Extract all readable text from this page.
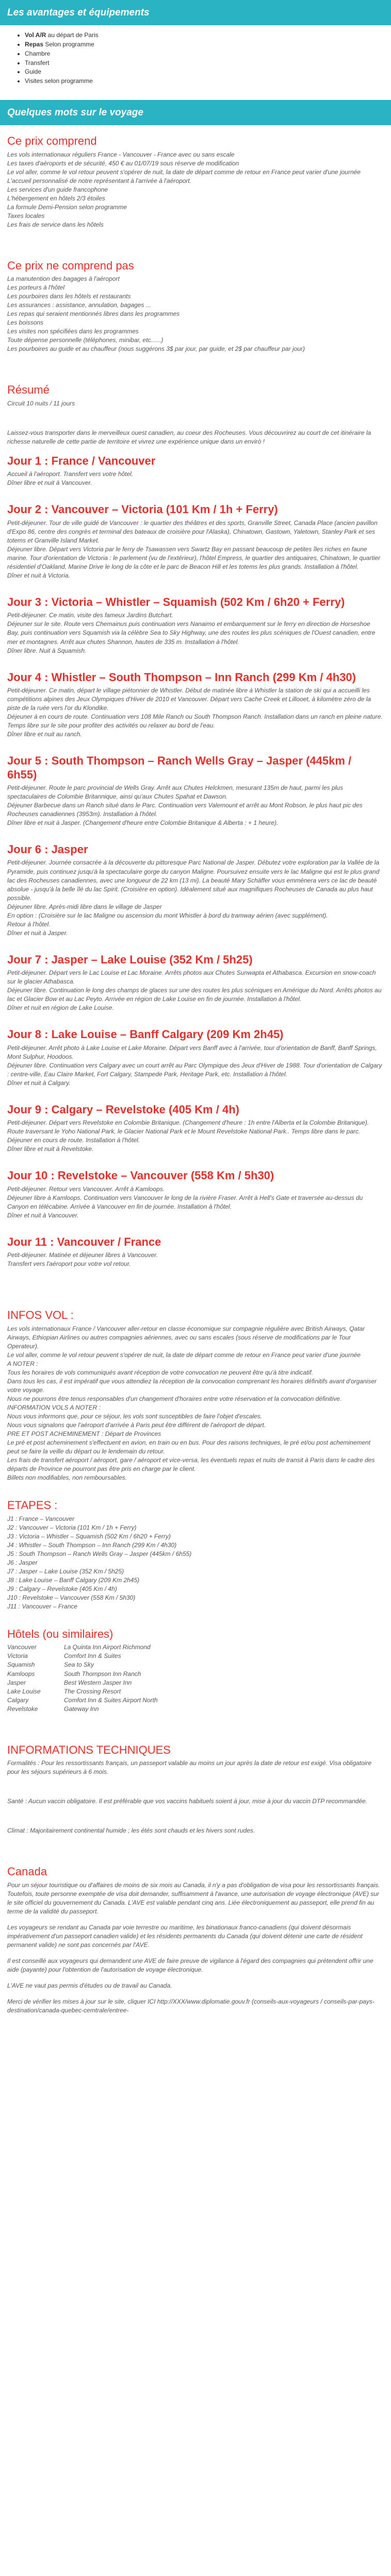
Les avantages et équipements
• Vol A/R au départ de Paris
• Repas Selon programme
• Chambre
• Transfert
• Guide
• Visites selon programme
Quelques mots sur le voyage
Ce prix comprend

Les vols internationaux réguliers France - Vancouver - France avec ou sans escale

Les taxes d'aéroports et de sécurité, 450 € au 01/07/19 sous réserve de modification

Le vol aller, comme le vol retour peuvent s'opérer de nuit, la date de départ comme de retour en France peut varier d'une journée

L'accueil personnalisé de notre représentant à l'arrivée à l'aéroport.

Les services d'un guide francophone

L'hébergement en hôtels 2/3 étoiles

La formule Demi-Pension selon programme

Taxes locales

Les frais de service dans les hôtels

Ce prix ne comprend pas

La manutention des bagages à l'aéroport

Les porteurs à l'hôtel

Les pourboires dans les hôtels et restaurants

Les assurances : assistance, annulation, bagages ...

Les repas qui seraient mentionnés libres dans les programmes

Les boissons

Les visites non spécifiées dans les programmes

Toute dépense personnelle (téléphones, minibar, etc......)

Les pourboires au guide et au chauffeur (nous suggérons 3$ par jour, par guide, et 2$ par chauffeur par jour)

Résumé

Circuit 10 nuits / 11 jours

Laissez-vous transporter dans le merveilleux ouest canadien, au coeur des Rocheuses. Vous découvrirez au court de cet itinéraire la richesse naturelle de cette partie de territoire et vivrez une expérience unique dans un envirò !

Jour 1 : France / Vancouver

Accueil à l'aéroport. Transfert vers votre hôtel.

Dîner libre et nuit à Vancouver.

Jour 2 : Vancouver – Victoria (101 Km / 1h + Ferry)

Petit-déjeuner. Tour de ville guidé de Vancouver : le quartier des théâtres et des sports, Granville Street, Canada Place (ancien pavillon d'Expo 86, centre des congrès et terminal des bateaux de croisière pour l'Alaska), Chinatown, Gastown, Yaletown, Stanley Park et ses totems et Granville Island Market.

Déjeuner libre. Départ vers Victoria par le ferry de Tsawassen vers Swartz Bay en passant beaucoup de petites îles riches en faune marine. Tour d'orientation de Victoria : le parlement (vu de l'extérieur), l'hôtel Empress, le quartier des antiquaires, Chinatown, le quartier résidentiel d'Oakland, Marine Drive le long de la côte et le parc de Beacon Hill et les totems les plus grands. Installation à l'hôtel.

Dîner et nuit à Victoria.

Jour 3 : Victoria – Whistler – Squamish (502 Km / 6h20 + Ferry)

Petit-déjeuner. Ce matin, visite des fameux Jardins Butchart.

Déjeuner sur le site. Route vers Chemainus puis continuation vers Nanaimo et embarquement sur le ferry en direction de Horseshoe Bay, puis continuation vers Squamish via la célèbre Sea to Sky Highway, une des routes les plus scéniques de l'Ouest canadien, entre mer et montagnes. Arrêt aux chutes Shannon, hautes de 335 m. Installation à l'hôtel.

Dîner libre. Nuit à Squamish.

Jour 4 : Whistler – South Thompson – Inn Ranch (299 Km / 4h30)

Petit-déjeuner. Ce matin, départ le village piétonnier de Whistler. Début de matinée libre à Whistler la station de ski qui a accueilli les compétitions alpines des Jeux Olympiques d'Hiver de 2010 et Vancouver. Départ vers Cache Creek et Lillooet, à kilomètre zéro de la piste de la ruée vers l'or du Klondike.

Déjeuner à en cours de route. Continuation vers 108 Mile Ranch ou South Thompson Ranch. Installation dans un ranch en pleine nature. Temps libre sur le site pour profiter des activités ou relaxer au bord de l'eau.

Dîner libre et nuit au ranch.

Jour 5 : South Thompson – Ranch Wells Gray – Jasper (445km / 6h55)

Petit-déjeuner. Route le parc provincial de Wells Gray. Arrêt aux Chutes Helckmen, mesurant 135m de haut, parmi les plus spectaculaires de Colombie Britannique, ainsi qu'aux Chutes Spahat et Dawson.

Déjeuner Barbecue dans un Ranch situé dans le Parc. Continuation vers Valemount et arrêt au Mont Robson, le plus haut pic des Rocheuses canadiennes (3953m). Installation à l'hôtel.

Dîner libre et nuit à Jasper. (Changement d'heure entre Colombie Britanique & Alberta : + 1 heure).

Jour 6 : Jasper

Petit-déjeuner. Journée consacrée à la découverte du pittoresque Parc National de Jasper. Débutez votre exploration par la Vallée de la Pyramide, puis continuez jusqu'à la spectaculaire gorge du canyon Maligne. Poursuivez ensuite vers le lac Maligne qui est le plus grand lac des Rocheuses canadiennes, avec une longueur de 22 km (13 mi). La beauté Mary Schäffer vous emmènera vers ce lac de beauté absolue - jusqu'à la belle îlé du lac Spirit. (Croisière en option). Idéalement situé aux magnifiques Rocheuses de Canada au plus haut possible.

Déjeuner libre. Après-midi libre dans le village de Jasper

En option : (Croisière sur le lac Maligne ou ascension du mont Whistler à bord du tramway aérien (avec supplément).

Retour à l'hôtel.

Dîner et nuit à Jasper.

Jour 7 : Jasper – Lake Louise (352 Km / 5h25)

Petit-déjeuner. Départ vers le Lac Louise et Lac Moraine. Arrêts photos aux Chutes Sunwapta et Athabasca. Excursion en snow-coach sur le glacier Athabasca.

Déjeuner libre. Continuation le long des champs de glaces sur une des routes les plus scéniques en Amérique du Nord. Arrêts photos au lac et Glacier Bow et au Lac Peyto. Arrivée en région de Lake Louise en fin de journée. Installation à l'hôtel.

Dîner et nuit en région de Lake Louise.

Jour 8 : Lake Louise – Banff Calgary (209 Km 2h45)

Petit-déjeuner. Arrêt photo à Lake Louise et Lake Moraine. Départ vers Banff avec à l'arrivée, tour d'orientation de Banff, Banff Springs, Mont Sulphur, Hoodoos.

Déjeuner libre. Continuation vers Calgary avec un court arrêt au Parc Olympique des Jeux d'Hiver de 1988. Tour d'orientation de Calgary : centre-ville, Eau Claire Market, Fort Calgary, Stampede Park, Heritage Park, etc. Installation à l'hôtel.

Dîner et nuit à Calgary.

Jour 9 : Calgary – Revelstoke (405 Km / 4h)

Petit-déjeuner. Départ vers Revelstoke en Colombie Britanique. (Changement d'heure : 1h entre l'Alberta et la Colombie Britanique). Route traversant le Yoho National Park, le Glacier National Park et le Mount Revelstoke National Park.. Temps libre dans le parc.

Déjeuner en cours de route. Installation à l'hôtel.

Dîner libre et nuit à Revelstoke.

Jour 10 : Revelstoke – Vancouver (558 Km / 5h30)

Petit-déjeuner. Retour vers Vancouver. Arrêt à Kamloops.

Déjeuner libre à Kamloops. Continuation vers Vancouver le long de la rivière Fraser. Arrêt à Hell's Gate et traversée au-dessus du Canyon en télécabine. Arrivée à Vancouver en fin de journée. Installation à l'hôtel.

Dîner et nuit à Vancouver.

Jour 11 : Vancouver / France

Petit-déjeuner. Matinée et déjeuner libres à Vancouver.

Transfert vers l'aéroport pour votre vol retour.

INFOS VOL :

Les vols internationaux France / Vancouver aller-retour en classe économique sur compagnie régulière avec British Airways, Qatar Airways, Ethiopian Airlines ou autres compagnies aériennes, avec ou sans escales (sous réserve de modifications par le Tour Operateur).

Le vol aller, comme le vol retour peuvent s'opérer de nuit, la date de départ comme de retour en France peut varier d'une journée

A NOTER :

Tous les horaires de vols communiqués avant réception de votre convocation ne peuvent être qu'à titre indicatif.

Dans tous les cas, il est impératif que vous attendiez la réception de la convocation comprenant les horaires définitifs avant d'organiser votre voyage.

Nous ne pourrons être tenus responsables d'un changement d'horaires entre votre réservation et la convocation définitive.

INFORMATION VOLS A NOTER :

Nous vous informons que, pour ce séjour, les vols sont susceptibles de faire l'objet d'escales.

Nous vous signalons que l'aéroport d'arrivée à Paris peut être différent de l'aéroport de départ.

PRE ET POST ACHEMINEMENT : Départ de Provinces

Le pré et post acheminement s'effectuent en avion, en train ou en bus. Pour des raisons techniques, le pré et/ou post acheminement peut se faire la veille du départ ou le lendemain du retour.

Les frais de transfert aéroport / aéroport, gare / aéroport et vice-versa, les éventuels repas et nuits de transit à Paris dans le cadre des départs de Province ne pourront pas être pris en charge par le client.

Billets non modifiables, non remboursables.

ETAPES :

J1 : France – Vancouver

J2 : Vancouver – Victoria (101 Km / 1h + Ferry)

J3 : Victoria – Whistler – Squamish (502 Km / 6h20 + Ferry)

J4 : Whistler – South Thompson – Inn Ranch (299 Km / 4h30)

J5 : South Thompson – Ranch Wells Gray – Jasper (445km / 6h55)

J6 : Jasper

J7 : Jasper – Lake Louise (352 Km / 5h25)

J8 : Lake Louise – Banff Calgary (209 Km 2h45)

J9 : Calgary – Revelstoke (405 Km / 4h)

J10 : Revelstoke – Vancouver (558 Km / 5h30)

J11 : Vancouver – France

Hôtels (ou similaires)
Vancouver	La Quinta Inn Airport Richmond
Victoria	Comfort Inn & Suites
Squamish	Sea to Sky
Kamloops	South Thompson Inn Ranch
Jasper	Best Western Jasper Inn
Lake Louise	The Crossing Resort
Calgary	Comfort Inn & Suites Airport North
Revelstoke	Gateway Inn
INFORMATIONS TECHNIQUES

Formalités : Pour les ressortissants français, un passeport valable au moins un jour après la date de retour est exigé. Visa obligatoire pour les séjours supérieurs à 6 mois.

Santé : Aucun vaccin obligatoire. Il est préférable que vos vaccins habituels soient à jour, mise à jour du vaccin DTP recommandée.

Climat : Majoritairement continental humide ; les étés sont chauds et les hivers sont rudes.

Canada

Pour un séjour touristique ou d'affaires de moins de six mois au Canada, il n'y a pas d'obligation de visa pour les ressortissants français. Toutefois, toute personne exemptée de visa doit demander, suffisamment à l'avance, une autorisation de voyage électronique (AVE) sur le site officiel du gouvernement du Canada. L'AVE est valable pendant cinq ans. Liée électroniquement au passeport, elle prend fin au terme de la validité du passeport.

Les voyageurs se rendant au Canada par voie terrestre ou maritime, les binationaux franco-canadiens (qui doivent désormais impérativement d'un passeport canadien valide) et les résidents permanents du Canada (qui doivent détenir une carte de résident permanent valide) ne sont pas concernés par l'AVE.

Il est conseillé aux voyageurs qui demandent une AVE de faire preuve de vigilance à l'égard des compagnies qui prétendent offrir une aide (payante) pour l'obtention de l'autorisation de voyage électronique.

L'AVE ne vaut pas permis d'études ou de travail au Canada.

Merci de vérifier les mises à jour sur le site, cliquer ICI http://XXX/www.diplomatie.gouv.fr (conseils-aux-voyageurs / conseils-par-pays-destination/canada-quebec-cemtrale/entree-
